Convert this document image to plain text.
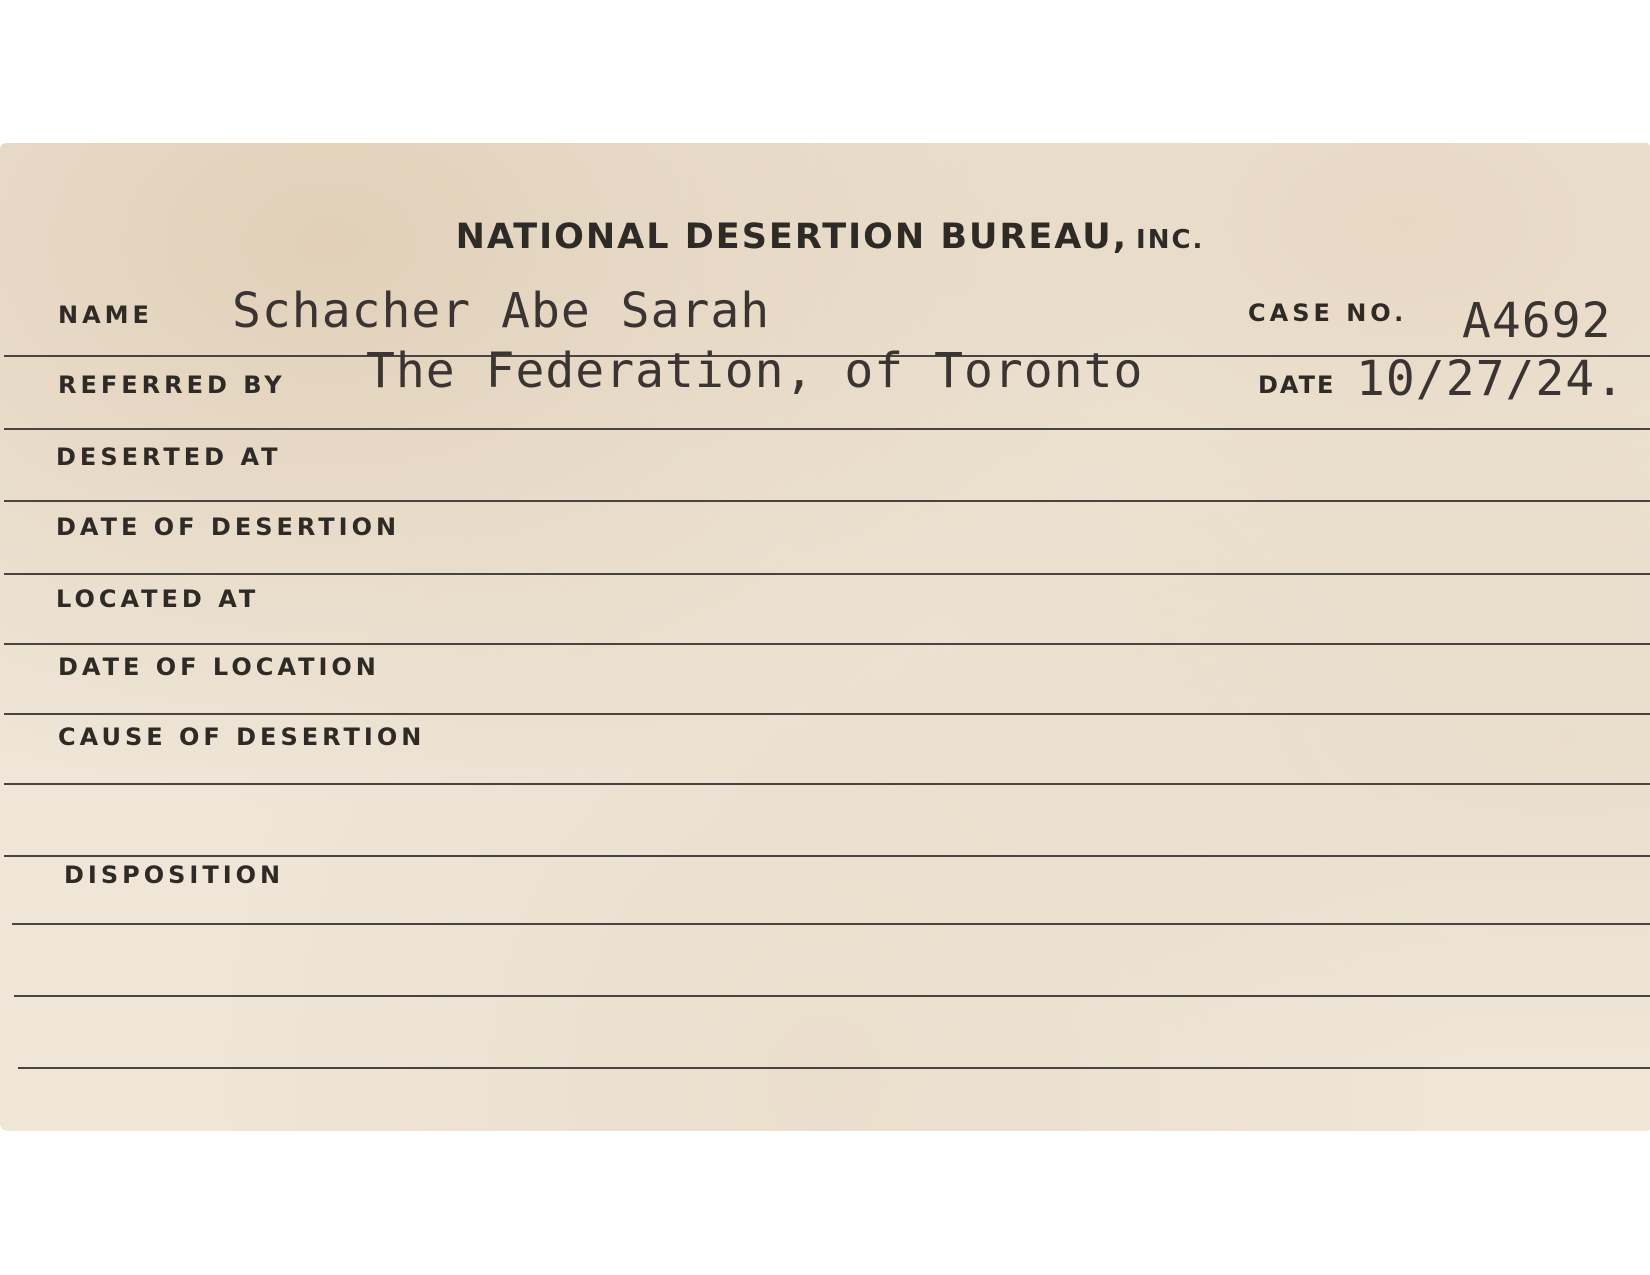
NATIONAL DESERTION BUREAU, INC.
NAME Schacher Abe Sarah	CASE NO. A4692
REFERRED BY The Federation, of Toronto	DATE 10/27/24.
DESERTED AT
DATE OF DESERTION
LOCATED AT
DATE OF LOCATION
CAUSE OF DESERTION
DISPOSITION
